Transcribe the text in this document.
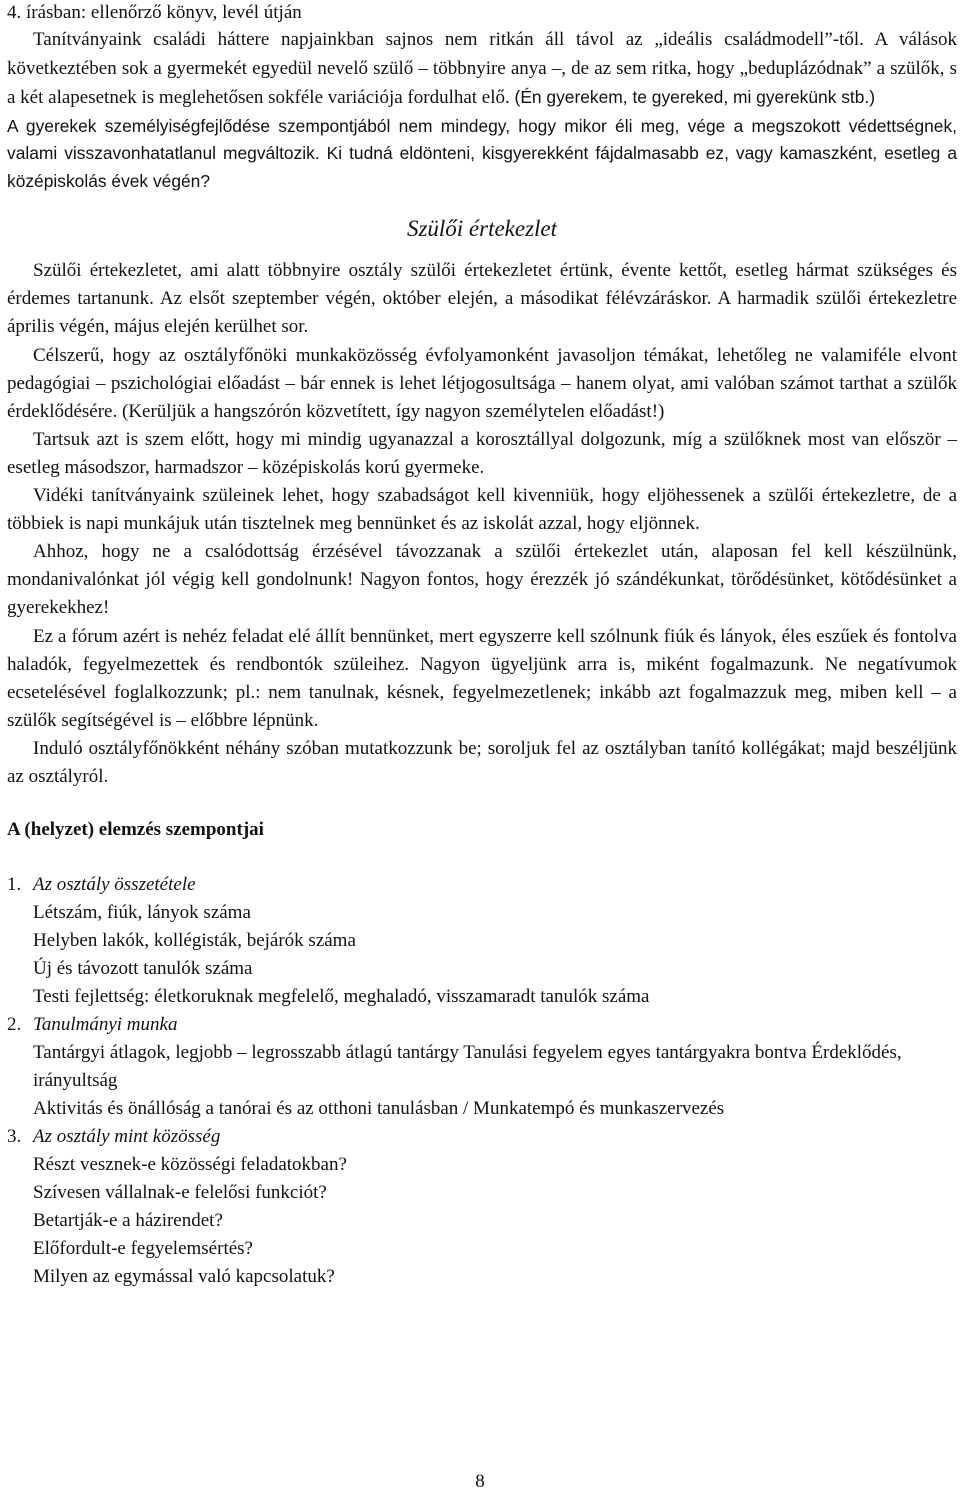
4. írásban: ellenőrző könyv, levél útján

Tanítványaink családi háttere napjainkban sajnos nem ritkán áll távol az „ideális családmodell”-től. A válások következtében sok a gyermekét egyedül nevelő szülő – többnyire anya –, de az sem ritka, hogy „beduplázódnak” a szülők, s a két alapesetnek is meglehetősen sokféle variációja fordulhat elő. (Én gyerekem, te gyereked, mi gyerekünk stb.)

A gyerekek személyiségfejlődése szempontjából nem mindegy, hogy mikor éli meg, vége a megszokott védettségnek, valami visszavonhatatlanul megváltozik. Ki tudná eldönteni, kisgyerekként fájdalmasabb ez, vagy kamaszként, esetleg a középiskolás évek végén?

Szülői értekezlet

Szülői értekezletet, ami alatt többnyire osztály szülői értekezletet értünk, évente kettőt, esetleg hármat szükséges és érdemes tartanunk. Az elsőt szeptember végén, október elején, a másodikat félévzáráskor. A harmadik szülői értekezletre április végén, május elején kerülhet sor.

Célszerű, hogy az osztályfőnöki munkaközösség évfolyamonként javasoljon témákat, lehetőleg ne valamiféle elvont pedagógiai – pszichológiai előadást – bár ennek is lehet létjogosultsága – hanem olyat, ami valóban számot tarthat a szülők érdeklődésére. (Kerüljük a hangszórón közvetített, így nagyon személytelen előadást!)

Tartsuk azt is szem előtt, hogy mi mindig ugyanazzal a korosztállyal dolgozunk, míg a szülőknek most van először – esetleg másodszor, harmadszor – középiskolás korú gyermeke.

Vidéki tanítványaink szüleinek lehet, hogy szabadságot kell kivenniük, hogy eljöhessenek a szülői értekezletre, de a többiek is napi munkájuk után tisztelnek meg bennünket és az iskolát azzal, hogy eljönnek.

Ahhoz, hogy ne a csalódottság érzésével távozzanak a szülői értekezlet után, alaposan fel kell készülnünk, mondanivalónkat jól végig kell gondolnunk! Nagyon fontos, hogy érezzék jó szándékunkat, törődésünket, kötődésünket a gyerekekhez!

Ez a fórum azért is nehéz feladat elé állít bennünket, mert egyszerre kell szólnunk fiúk és lányok, éles eszűek és fontolva haladók, fegyelmezettek és rendbontók szüleihez. Nagyon ügyeljünk arra is, miként fogalmazunk. Ne negatívumok ecsetelésével foglalkozzunk; pl.: nem tanulnak, késnek, fegyelmezetlenek; inkább azt fogalmazzuk meg, miben kell – a szülők segítségével is – előbbre lépnünk.

Induló osztályfőnökként néhány szóban mutatkozzunk be; soroljuk fel az osztályban tanító kollégákat; majd beszéljünk az osztályról.

A (helyzet) elemzés szempontjai
1. Az osztály összetétele
Létszám, fiúk, lányok száma
Helyben lakók, kollégisták, bejárók száma
Új és távozott tanulók száma
Testi fejlettség: életkoruknak megfelelő, meghaladó, visszamaradt tanulók száma
2. Tanulmányi munka
Tantárgyi átlagok, legjobb – legrosszabb átlagú tantárgy Tanulási fegyelem egyes tantárgyakra bontva Érdeklődés, irányultság
Aktivitás és önállóság a tanórai és az otthoni tanulásban / Munkatempó és munkaszervezés
3. Az osztály mint közösség
Részt vesznek-e közösségi feladatokban?
Szívesen vállalnak-e felelősi funkciót?
Betartják-e a házirendet?
Előfordult-e fegyelemsértés?
Milyen az egymással való kapcsolatuk?
8
